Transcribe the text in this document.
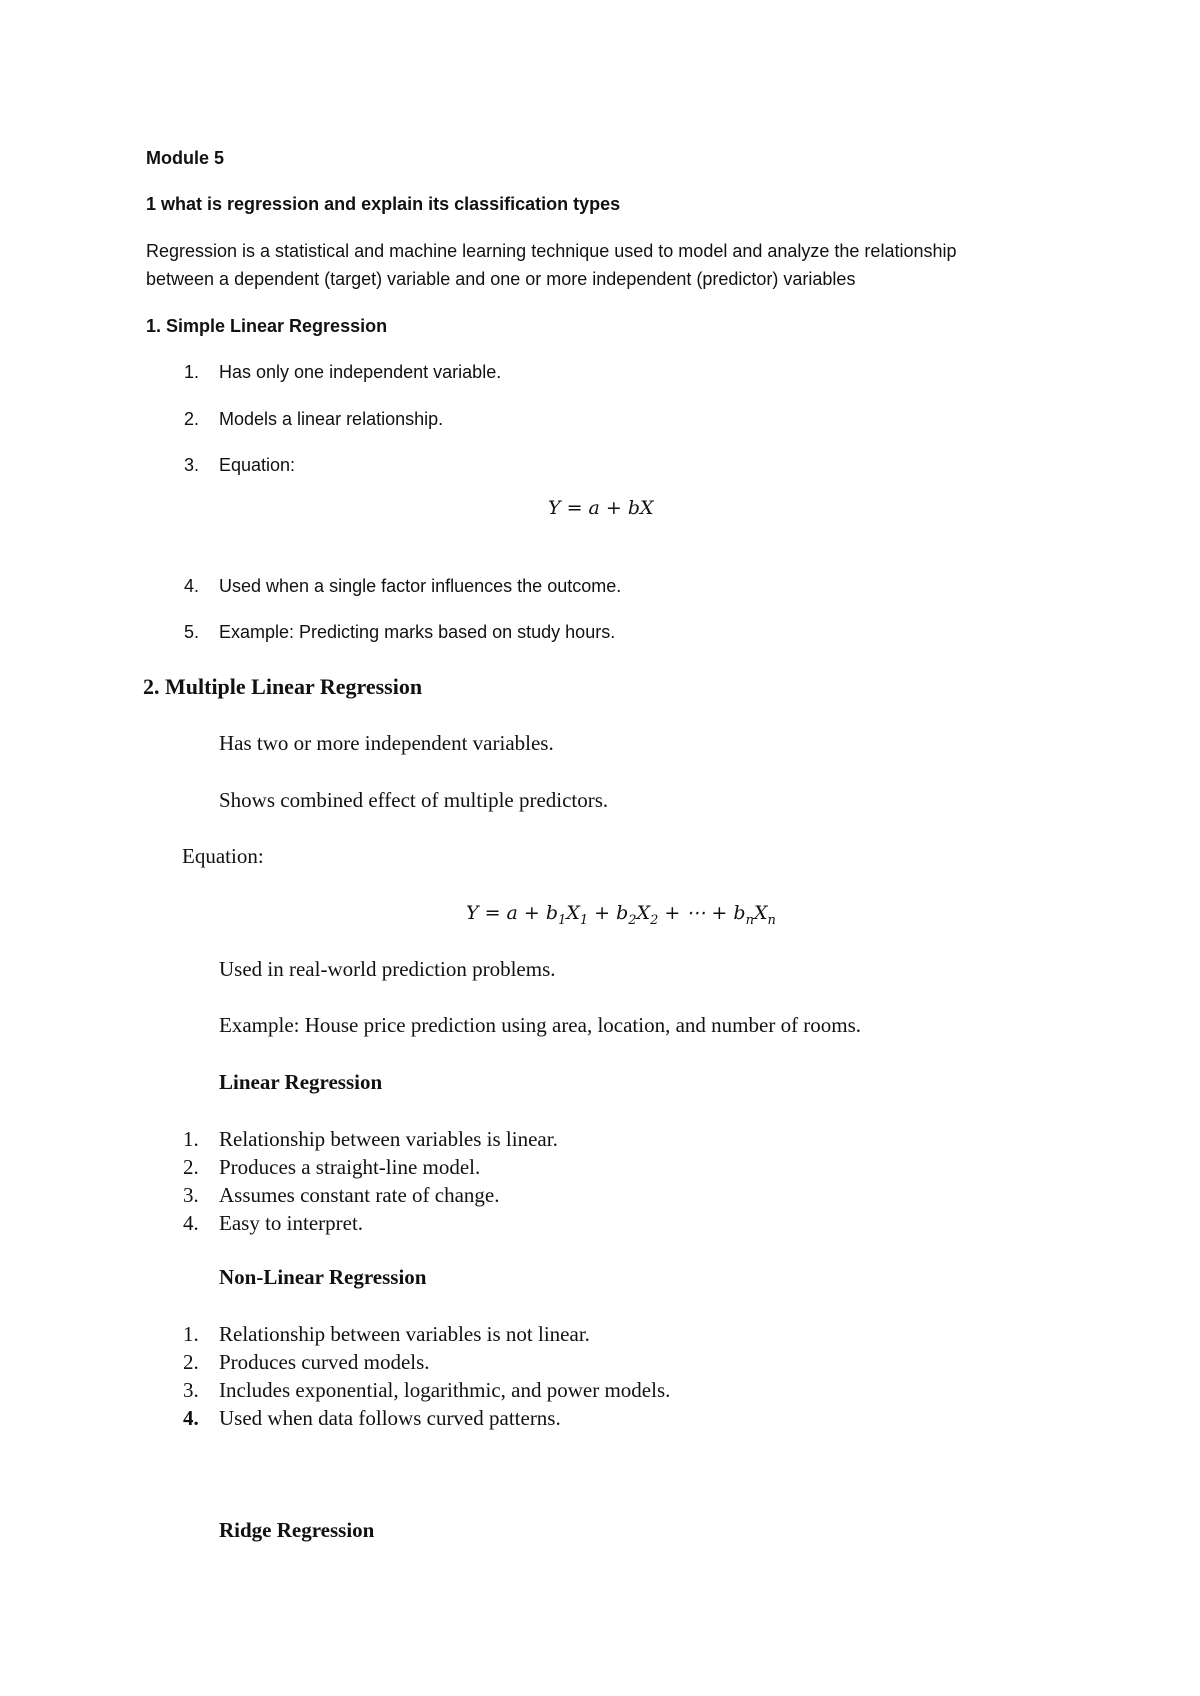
Module 5
1 what is regression and explain its classification types
Regression is a statistical and machine learning technique used to model and analyze the relationship
between a dependent (target) variable and one or more independent (predictor) variables
1. Simple Linear Regression
1. Has only one independent variable.
2. Models a linear relationship.
3. Equation:
Y = a + bX
4. Used when a single factor influences the outcome.
5. Example: Predicting marks based on study hours.
2. Multiple Linear Regression
Has two or more independent variables.
Shows combined effect of multiple predictors.
Equation:
$Y = a + b_1X_1 + b_2X_2$ + ⋯ + $b_nX_n$
Used in real-world prediction problems.
Example: House price prediction using area, location, and number of rooms.
Linear Regression
1. Relationship between variables is linear.
2. Produces a straight-line model.
3. Assumes constant rate of change.
4. Easy to interpret.
Non-Linear Regression
1. Relationship between variables is not linear.
2. Produces curved models.
3. Includes exponential, logarithmic, and power models.
4. Used when data follows curved patterns.
Ridge Regression
